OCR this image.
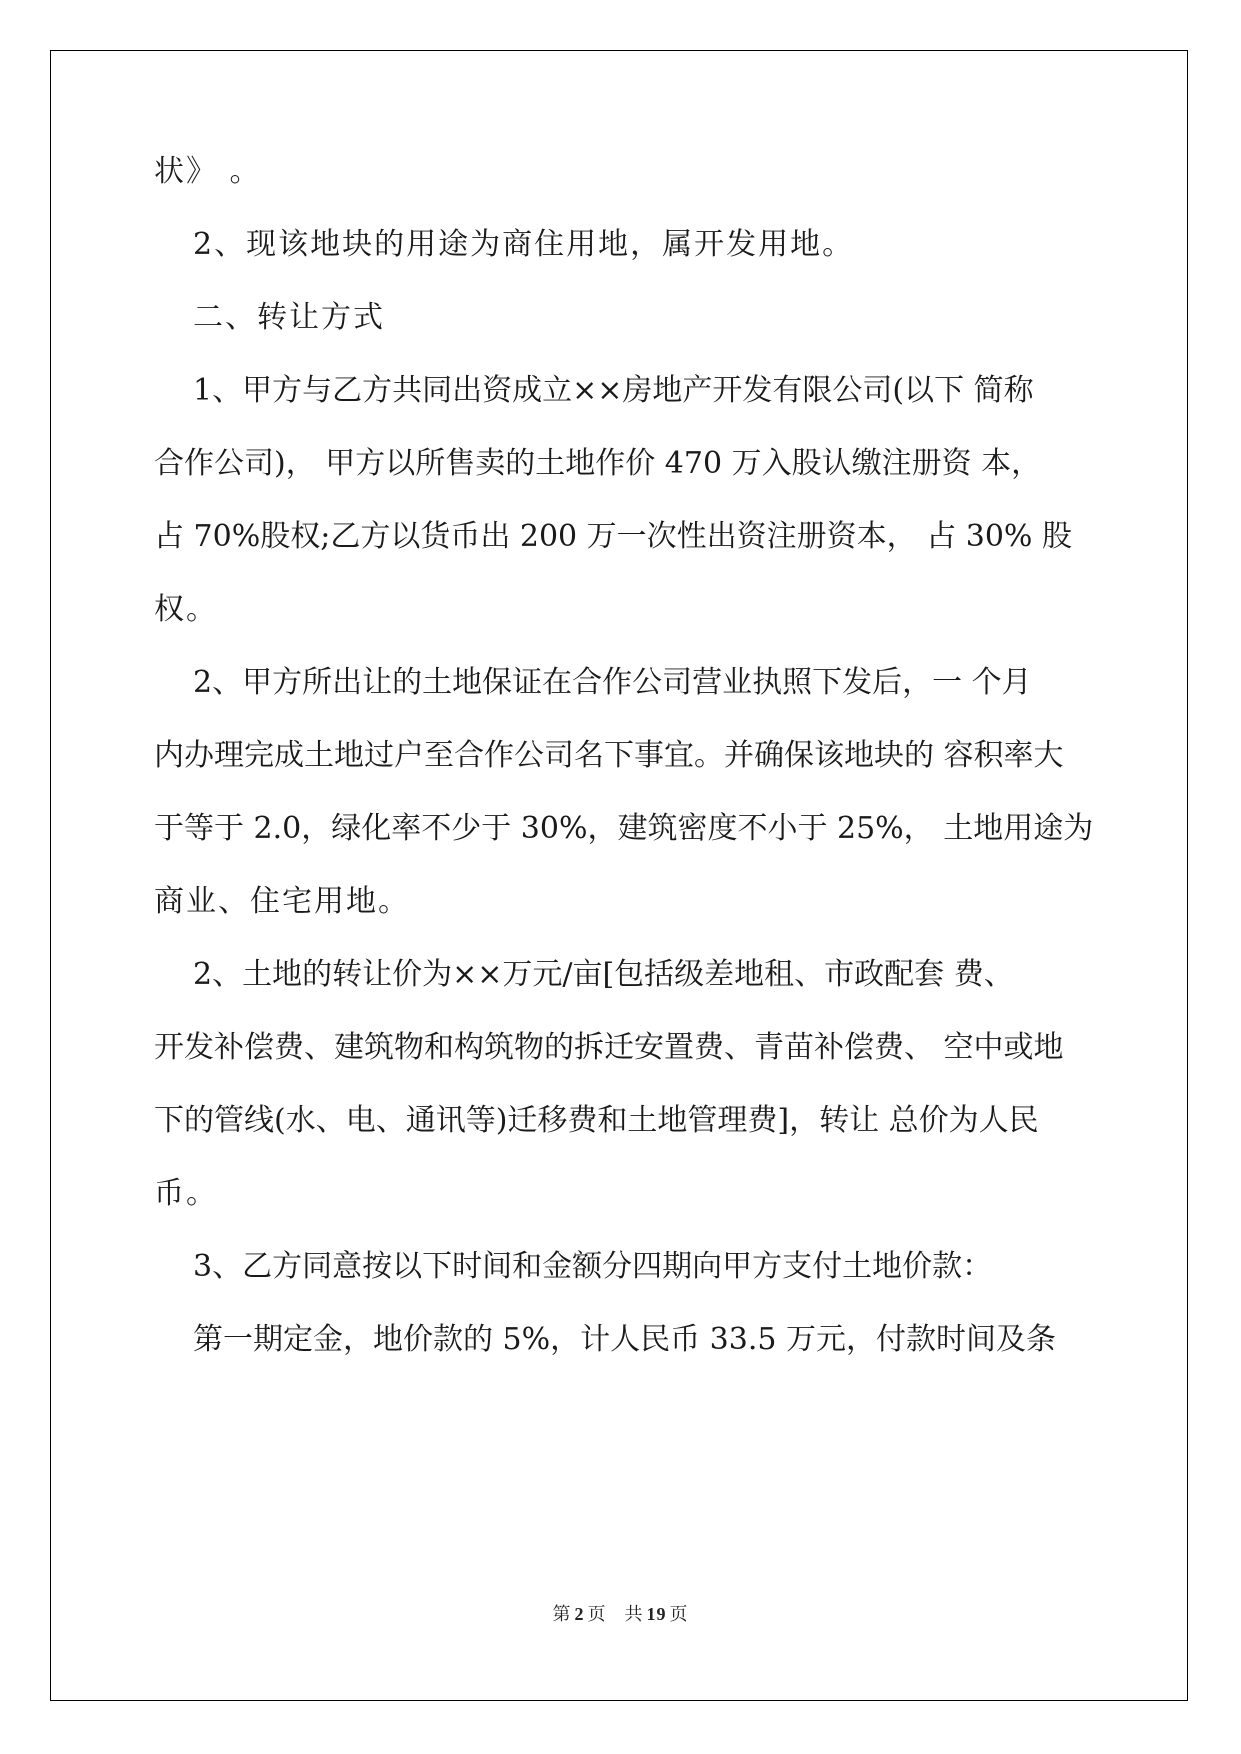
状》 。
2、现该地块的用途为商住用地，属开发用地。
二、转让方式
1、甲方与乙方共同出资成立××房地产开发有限公司(以下 简称
合作公司)， 甲方以所售卖的土地作价 470 万入股认缴注册资 本，
占 70%股权;乙方以货币出 200 万一次性出资注册资本， 占 30% 股
权。
2、甲方所出让的土地保证在合作公司营业执照下发后，一 个月
内办理完成土地过户至合作公司名下事宜。并确保该地块的 容积率大
于等于 2.0，绿化率不少于 30%，建筑密度不小于 25%， 土地用途为
商业、住宅用地。
2、土地的转让价为××万元/亩[包括级差地租、市政配套 费、
开发补偿费、建筑物和构筑物的拆迁安置费、青苗补偿费、 空中或地
下的管线(水、电、通讯等)迁移费和土地管理费]，转让 总价为人民
币。
3、乙方同意按以下时间和金额分四期向甲方支付土地价款：
第一期定金，地价款的 5%，计人民币 33.5 万元，付款时间及条
第 2 页 共 19 页
